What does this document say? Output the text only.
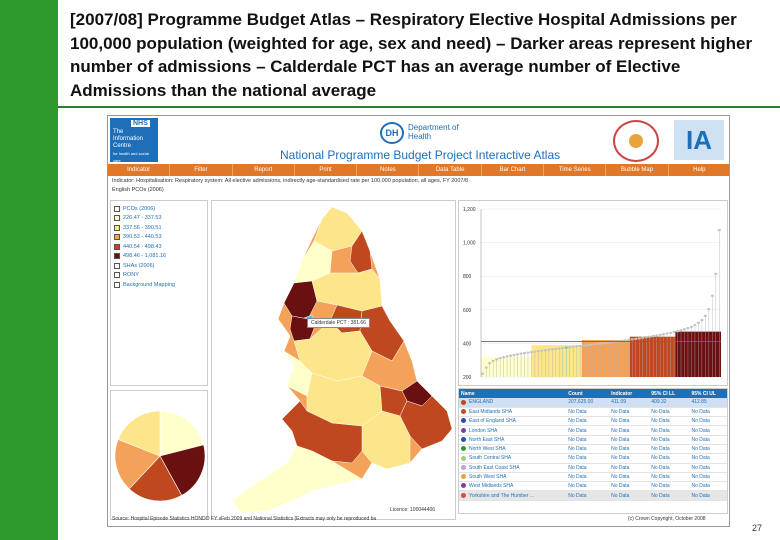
[2007/08] Programme Budget Atlas – Respiratory Elective Hospital Admissions per 100,000 population (weighted for age, sex and need) – Darker areas represent higher number of admissions – Calderdale PCT has an average number of Elective Admissions than the national average
NHS
The Information Centre
for health and social care
DH
Department of Health
National Programme Budget Project Interactive Atlas	IA
Indicator	Filter	Report	Print	Notes	Data Table	Bar Chart	Time Series	Bubble Map	Help
Indicator: Hospitalisation: Respiratory system: All elective admissions, indirectly age-standardised rate per 100,000 population, all ages, FY 2007/8
English PCOs (2006)
PCOs (2006)
226.47 - 337.53
337.56 - 390.51
390.53 - 440.53
440.54 - 498.43
498.46 - 1,081.16
SHAs (2006)
RONY
Background Mapping
Calderdale PCT : 381.66
Licence: 100044406
200
400
600
800
1,000
1,200
Name	Count	Indicator	95% CI LL	95% CI UL
ENGLAND	207,625.00	411.09	409.32	412.85
East Midlands SHA	No Data	No Data	No Data	No Data
East of England SHA	No Data	No Data	No Data	No Data
London SHA	No Data	No Data	No Data	No Data
North East SHA	No Data	No Data	No Data	No Data
North West SHA	No Data	No Data	No Data	No Data
South Central SHA	No Data	No Data	No Data	No Data
South East Coast SHA	No Data	No Data	No Data	No Data
South West SHA	No Data	No Data	No Data	No Data
West Midlands SHA	No Data	No Data	No Data	No Data
Yorkshire and The Humber ...	No Data	No Data	No Data	No Data
Source: Hospital Episode Statistics HONDO FY xFeb 2009 and National Statistics (Extracts may only be reproduced ba	(c) Crown Copyright, October 2008
27
